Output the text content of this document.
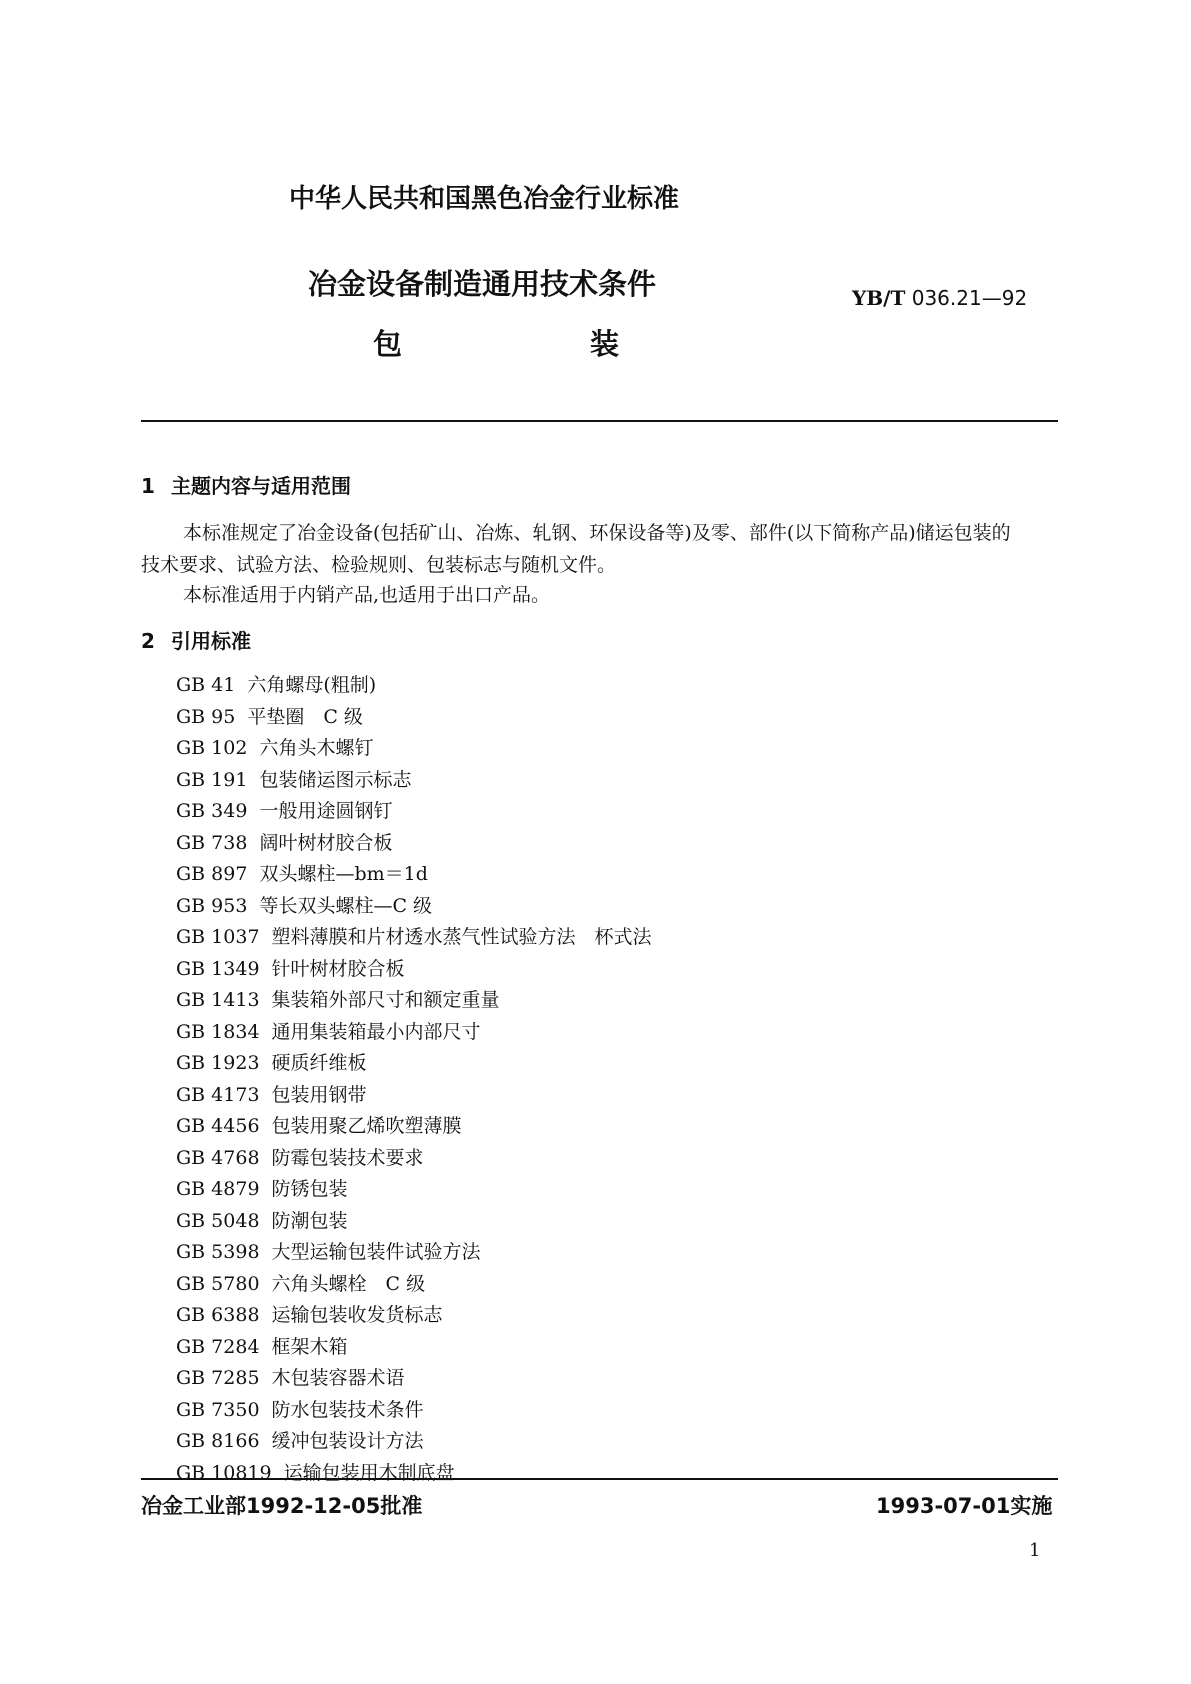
中华人民共和国黑色冶金行业标准
冶金设备制造通用技术条件
包	装
YB/T 036.21—92
1 主题内容与适用范围
本标准规定了冶金设备(包括矿山、冶炼、轧钢、环保设备等)及零、部件(以下简称产品)储运包装的
技术要求、试验方法、检验规则、包装标志与随机文件。
本标准适用于内销产品,也适用于出口产品。
2 引用标准
GB 41 六角螺母(粗制)
GB 95 平垫圈　C 级
GB 102 六角头木螺钉
GB 191 包装储运图示标志
GB 349 一般用途圆钢钉
GB 738 阔叶树材胶合板
GB 897 双头螺柱—bm＝1d
GB 953 等长双头螺柱—C 级
GB 1037 塑料薄膜和片材透水蒸气性试验方法　杯式法
GB 1349 针叶树材胶合板
GB 1413 集装箱外部尺寸和额定重量
GB 1834 通用集装箱最小内部尺寸
GB 1923 硬质纤维板
GB 4173 包装用钢带
GB 4456 包装用聚乙烯吹塑薄膜
GB 4768 防霉包装技术要求
GB 4879 防锈包装
GB 5048 防潮包装
GB 5398 大型运输包装件试验方法
GB 5780 六角头螺栓　C 级
GB 6388 运输包装收发货标志
GB 7284 框架木箱
GB 7285 木包装容器术语
GB 7350 防水包装技术条件
GB 8166 缓冲包装设计方法
GB 10819 运输包装用木制底盘
冶金工业部1992-12-05批准	1993-07-01实施
1
